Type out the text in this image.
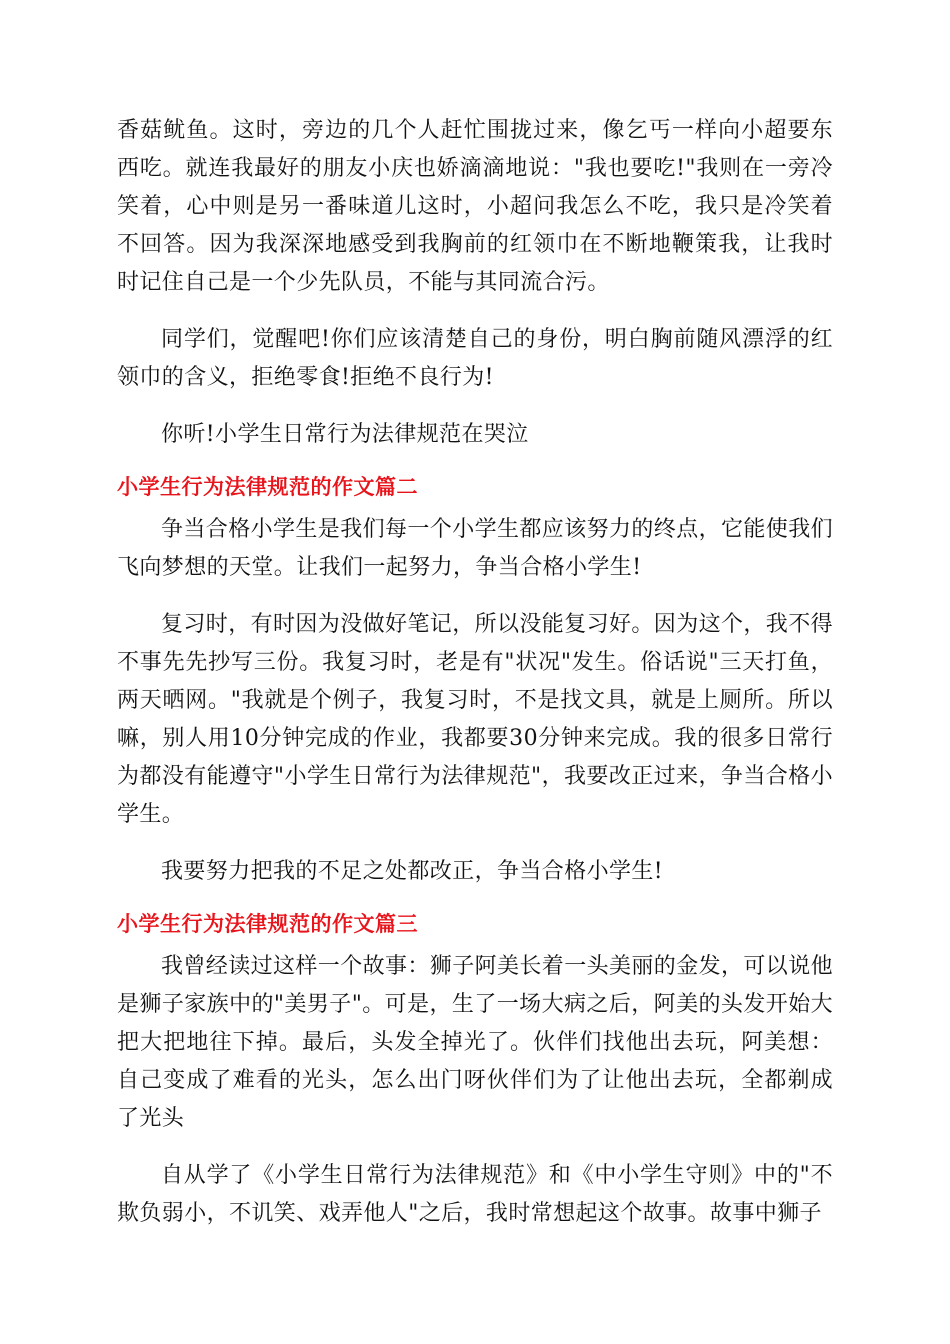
香菇鱿鱼。这时，旁边的几个人赶忙围拢过来，像乞丐一样向小超要东西吃。就连我最好的朋友小庆也娇滴滴地说："我也要吃!"我则在一旁冷笑着，心中则是另一番味道儿这时，小超问我怎么不吃，我只是冷笑着不回答。因为我深深地感受到我胸前的红领巾在不断地鞭策我，让我时时记住自己是一个少先队员，不能与其同流合污。

同学们，觉醒吧!你们应该清楚自己的身份，明白胸前随风漂浮的红领巾的含义，拒绝零食!拒绝不良行为!

你听!小学生日常行为法律规范在哭泣

小学生行为法律规范的作文篇二

争当合格小学生是我们每一个小学生都应该努力的终点，它能使我们飞向梦想的天堂。让我们一起努力，争当合格小学生!

复习时，有时因为没做好笔记，所以没能复习好。因为这个，我不得不事先先抄写三份。我复习时，老是有"状况"发生。俗话说"三天打鱼，两天晒网。"我就是个例子，我复习时，不是找文具，就是上厕所。所以嘛，别人用10分钟完成的作业，我都要30分钟来完成。我的很多日常行为都没有能遵守"小学生日常行为法律规范"，我要改正过来，争当合格小学生。

我要努力把我的不足之处都改正，争当合格小学生!

小学生行为法律规范的作文篇三

我曾经读过这样一个故事：狮子阿美长着一头美丽的金发，可以说他是狮子家族中的"美男子"。可是，生了一场大病之后，阿美的头发开始大把大把地往下掉。最后，头发全掉光了。伙伴们找他出去玩，阿美想：自己变成了难看的光头，怎么出门呀伙伴们为了让他出去玩，全都剃成了光头

自从学了《小学生日常行为法律规范》和《中小学生守则》中的"不欺负弱小，不讥笑、戏弄他人"之后，我时常想起这个故事。故事中狮子
